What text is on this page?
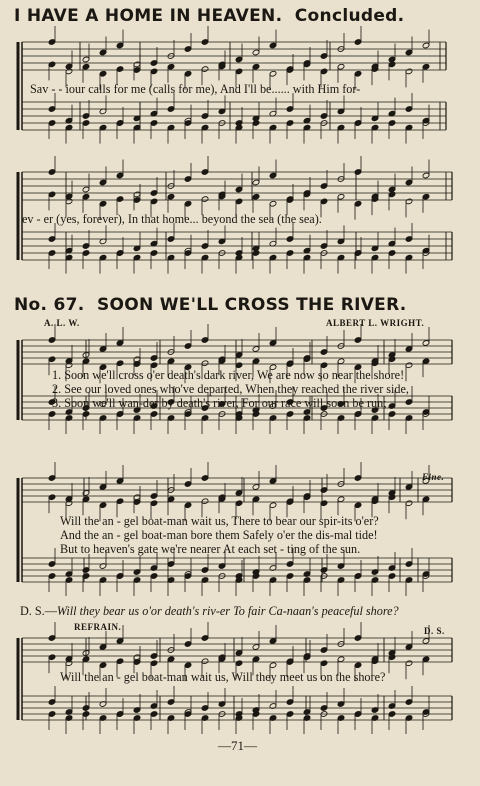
I HAVE A HOME IN HEAVEN. Concluded.
Sav - - iour calls for me (calls for me), And I'll be...... with Him for-
ev - er (yes, forever), In that home... beyond the sea (the sea).
No. 67. SOON WE'LL CROSS THE RIVER.
A. L. W.	ALBERT L. WRIGHT.
1. Soon we'll cross o'er death's dark river, We are now so near the shore!
2. See our loved ones who've departed, When they reached the river side,
3. Soon we'll wan-der by death's river, For our race will soon be run;
Fine.
Will the an - gel boat-man wait us, There to bear our spir-its o'er?
And the an - gel boat-man bore them Safely o'er the dis-mal tide!
But to heaven's gate we're nearer At each set - ting of the sun.
D. S.—Will they bear us o'or death's riv-er To fair Ca-naan's peaceful shore?
REFRAIN.	D. S.
Will the an - gel boat-man wait us, Will they meet us on the shore?
—71—
